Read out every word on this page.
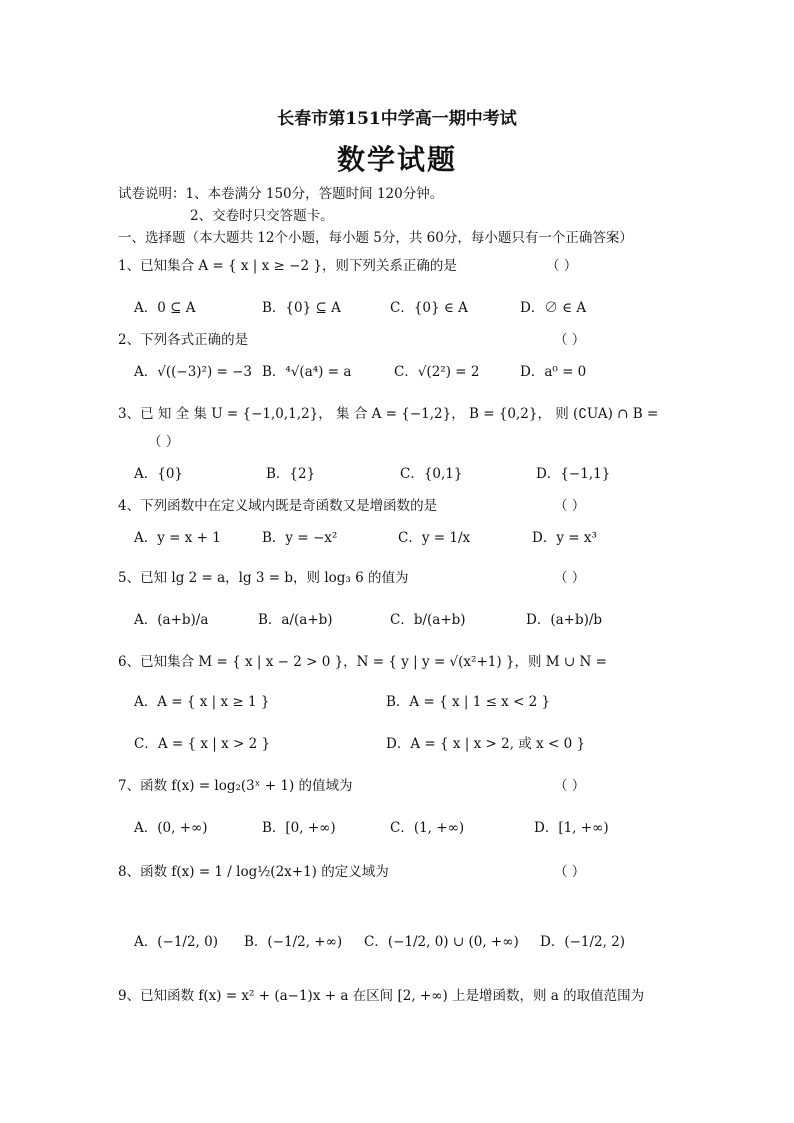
长春市第151中学高一期中考试
数学试题
试卷说明：1、本卷满分 150分，答题时间 120分钟。
2、交卷时只交答题卡。
一、选择题（本大题共 12个小题，每小题 5分，共 60分，每小题只有一个正确答案）
1、已知集合 A = { x | x ≥ −2 }，则下列关系正确的是	（ ）
A．0 ⊆ A	B．{0} ⊆ A	C．{0} ∈ A	D．∅ ∈ A
2、下列各式正确的是	（ ）
A．√((−3)²) = −3 B．⁴√(a⁴) = a	C．√(2²) = 2	D．a⁰ = 0
3、已 知 全 集 U = {−1,0,1,2}， 集 合 A = {−1,2}， B = {0,2}， 则 (∁UA) ∩ B =
（ ）
A．{0}	B．{2}	C．{0,1}	D．{−1,1}
4、下列函数中在定义域内既是奇函数又是增函数的是	（ ）
A．y = x + 1	B．y = −x²	C．y = 1/x	D．y = x³
5、已知 lg 2 = a，lg 3 = b，则 log₃ 6 的值为	（ ）
A．(a+b)/a	B．a/(a+b)	C．b/(a+b)	D．(a+b)/b
6、已知集合 M = { x | x − 2 > 0 }，N = { y | y = √(x²+1) }，则 M ∪ N =
A．A = { x | x ≥ 1 }	B．A = { x | 1 ≤ x < 2 }
C．A = { x | x > 2 }	D．A = { x | x > 2, 或 x < 0 }
7、函数 f(x) = log₂(3ˣ + 1) 的值域为	（ ）
A．(0, +∞)	B．[0, +∞)	C．(1, +∞)	D．[1, +∞)
8、函数 f(x) = 1 / log½(2x+1) 的定义域为	（ ）
A．(−1/2, 0) B．(−1/2, +∞) C．(−1/2, 0) ∪ (0, +∞) D．(−1/2, 2)
9、已知函数 f(x) = x² + (a−1)x + a 在区间 [2, +∞) 上是增函数，则 a 的取值范围为
